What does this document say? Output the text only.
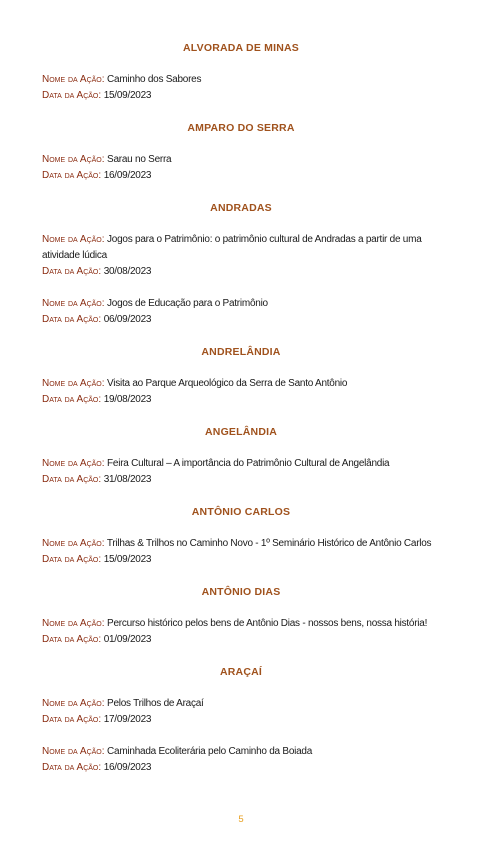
ALVORADA DE MINAS
Nome da Ação: Caminho dos Sabores
Data da Ação: 15/09/2023
AMPARO DO SERRA
Nome da Ação: Sarau no Serra
Data da Ação: 16/09/2023
ANDRADAS
Nome da Ação: Jogos para o Patrimônio: o patrimônio cultural de Andradas a partir de uma atividade lúdica
Data da Ação: 30/08/2023
Nome da Ação: Jogos de Educação para o Patrimônio
Data da Ação: 06/09/2023
ANDRELÂNDIA
Nome da Ação: Visita ao Parque Arqueológico da Serra de Santo Antônio
Data da Ação: 19/08/2023
ANGELÂNDIA
Nome da Ação: Feira Cultural – A importância do Patrimônio Cultural de Angelândia
Data da Ação: 31/08/2023
ANTÔNIO CARLOS
Nome da Ação: Trilhas & Trilhos no Caminho Novo - 1º Seminário Histórico de Antônio Carlos
Data da Ação: 15/09/2023
ANTÔNIO DIAS
Nome da Ação: Percurso histórico pelos bens de Antônio Dias - nossos bens, nossa história!
Data da Ação: 01/09/2023
ARAÇAÍ
Nome da Ação: Pelos Trilhos de Araçaí
Data da Ação: 17/09/2023
Nome da Ação: Caminhada Ecoliterária pelo Caminho da Boiada
Data da Ação: 16/09/2023
5
